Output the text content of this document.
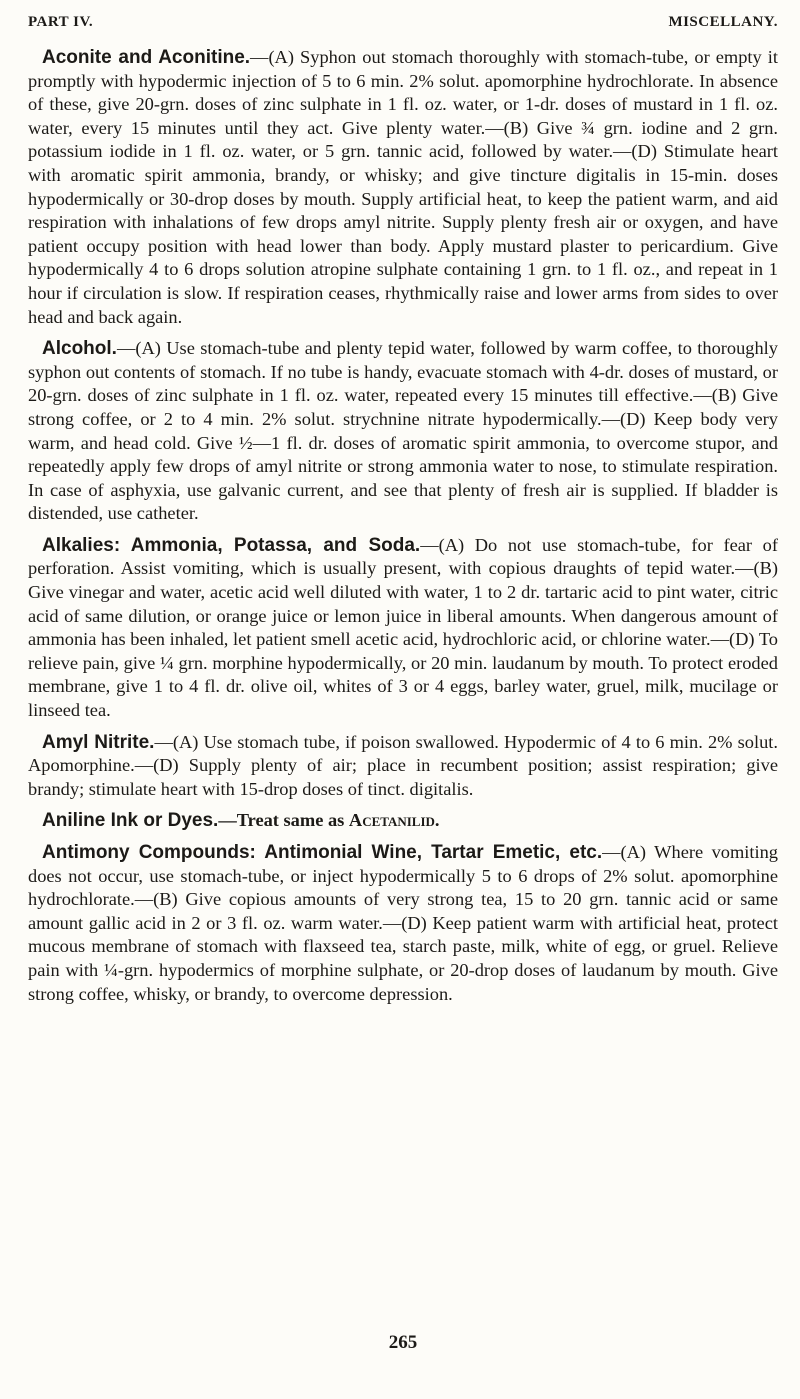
PART IV.	MISCELLANY.

Aconite and Aconitine.—(A) Syphon out stomach thoroughly with stomach-tube, or empty it promptly with hypodermic injection of 5 to 6 min. 2% solut. apomorphine hydrochlorate. In absence of these, give 20-grn. doses of zinc sulphate in 1 fl. oz. water, or 1-dr. doses of mustard in 1 fl. oz. water, every 15 minutes until they act. Give plenty water.—(B) Give ¾ grn. iodine and 2 grn. potassium iodide in 1 fl. oz. water, or 5 grn. tannic acid, followed by water.—(D) Stimulate heart with aromatic spirit ammonia, brandy, or whisky; and give tincture digitalis in 15-min. doses hypodermically or 30-drop doses by mouth. Supply artificial heat, to keep the patient warm, and aid respiration with inhalations of few drops amyl nitrite. Supply plenty fresh air or oxygen, and have patient occupy position with head lower than body. Apply mustard plaster to pericardium. Give hypodermically 4 to 6 drops solution atropine sulphate containing 1 grn. to 1 fl. oz., and repeat in 1 hour if circulation is slow. If respiration ceases, rhythmically raise and lower arms from sides to over head and back again.

Alcohol.—(A) Use stomach-tube and plenty tepid water, followed by warm coffee, to thoroughly syphon out contents of stomach. If no tube is handy, evacuate stomach with 4-dr. doses of mustard, or 20-grn. doses of zinc sulphate in 1 fl. oz. water, repeated every 15 minutes till effective.—(B) Give strong coffee, or 2 to 4 min. 2% solut. strychnine nitrate hypodermically.—(D) Keep body very warm, and head cold. Give ½—1 fl. dr. doses of aromatic spirit ammonia, to overcome stupor, and repeatedly apply few drops of amyl nitrite or strong ammonia water to nose, to stimulate respiration. In case of asphyxia, use galvanic current, and see that plenty of fresh air is supplied. If bladder is distended, use catheter.

Alkalies: Ammonia, Potassa, and Soda.—(A) Do not use stomach-tube, for fear of perforation. Assist vomiting, which is usually present, with copious draughts of tepid water.—(B) Give vinegar and water, acetic acid well diluted with water, 1 to 2 dr. tartaric acid to pint water, citric acid of same dilution, or orange juice or lemon juice in liberal amounts. When dangerous amount of ammonia has been inhaled, let patient smell acetic acid, hydrochloric acid, or chlorine water.—(D) To relieve pain, give ¼ grn. morphine hypodermically, or 20 min. laudanum by mouth. To protect eroded membrane, give 1 to 4 fl. dr. olive oil, whites of 3 or 4 eggs, barley water, gruel, milk, mucilage or linseed tea.

Amyl Nitrite.—(A) Use stomach tube, if poison swallowed. Hypodermic of 4 to 6 min. 2% solut. Apomorphine.—(D) Supply plenty of air; place in recumbent position; assist respiration; give brandy; stimulate heart with 15-drop doses of tinct. digitalis.

Aniline Ink or Dyes.—Treat same as Acetanilid.

Antimony Compounds: Antimonial Wine, Tartar Emetic, etc.—(A) Where vomiting does not occur, use stomach-tube, or inject hypodermically 5 to 6 drops of 2% solut. apomorphine hydrochlorate.—(B) Give copious amounts of very strong tea, 15 to 20 grn. tannic acid or same amount gallic acid in 2 or 3 fl. oz. warm water.—(D) Keep patient warm with artificial heat, protect mucous membrane of stomach with flaxseed tea, starch paste, milk, white of egg, or gruel. Relieve pain with ¼-grn. hypodermics of morphine sulphate, or 20-drop doses of laudanum by mouth. Give strong coffee, whisky, or brandy, to overcome depression.

265
